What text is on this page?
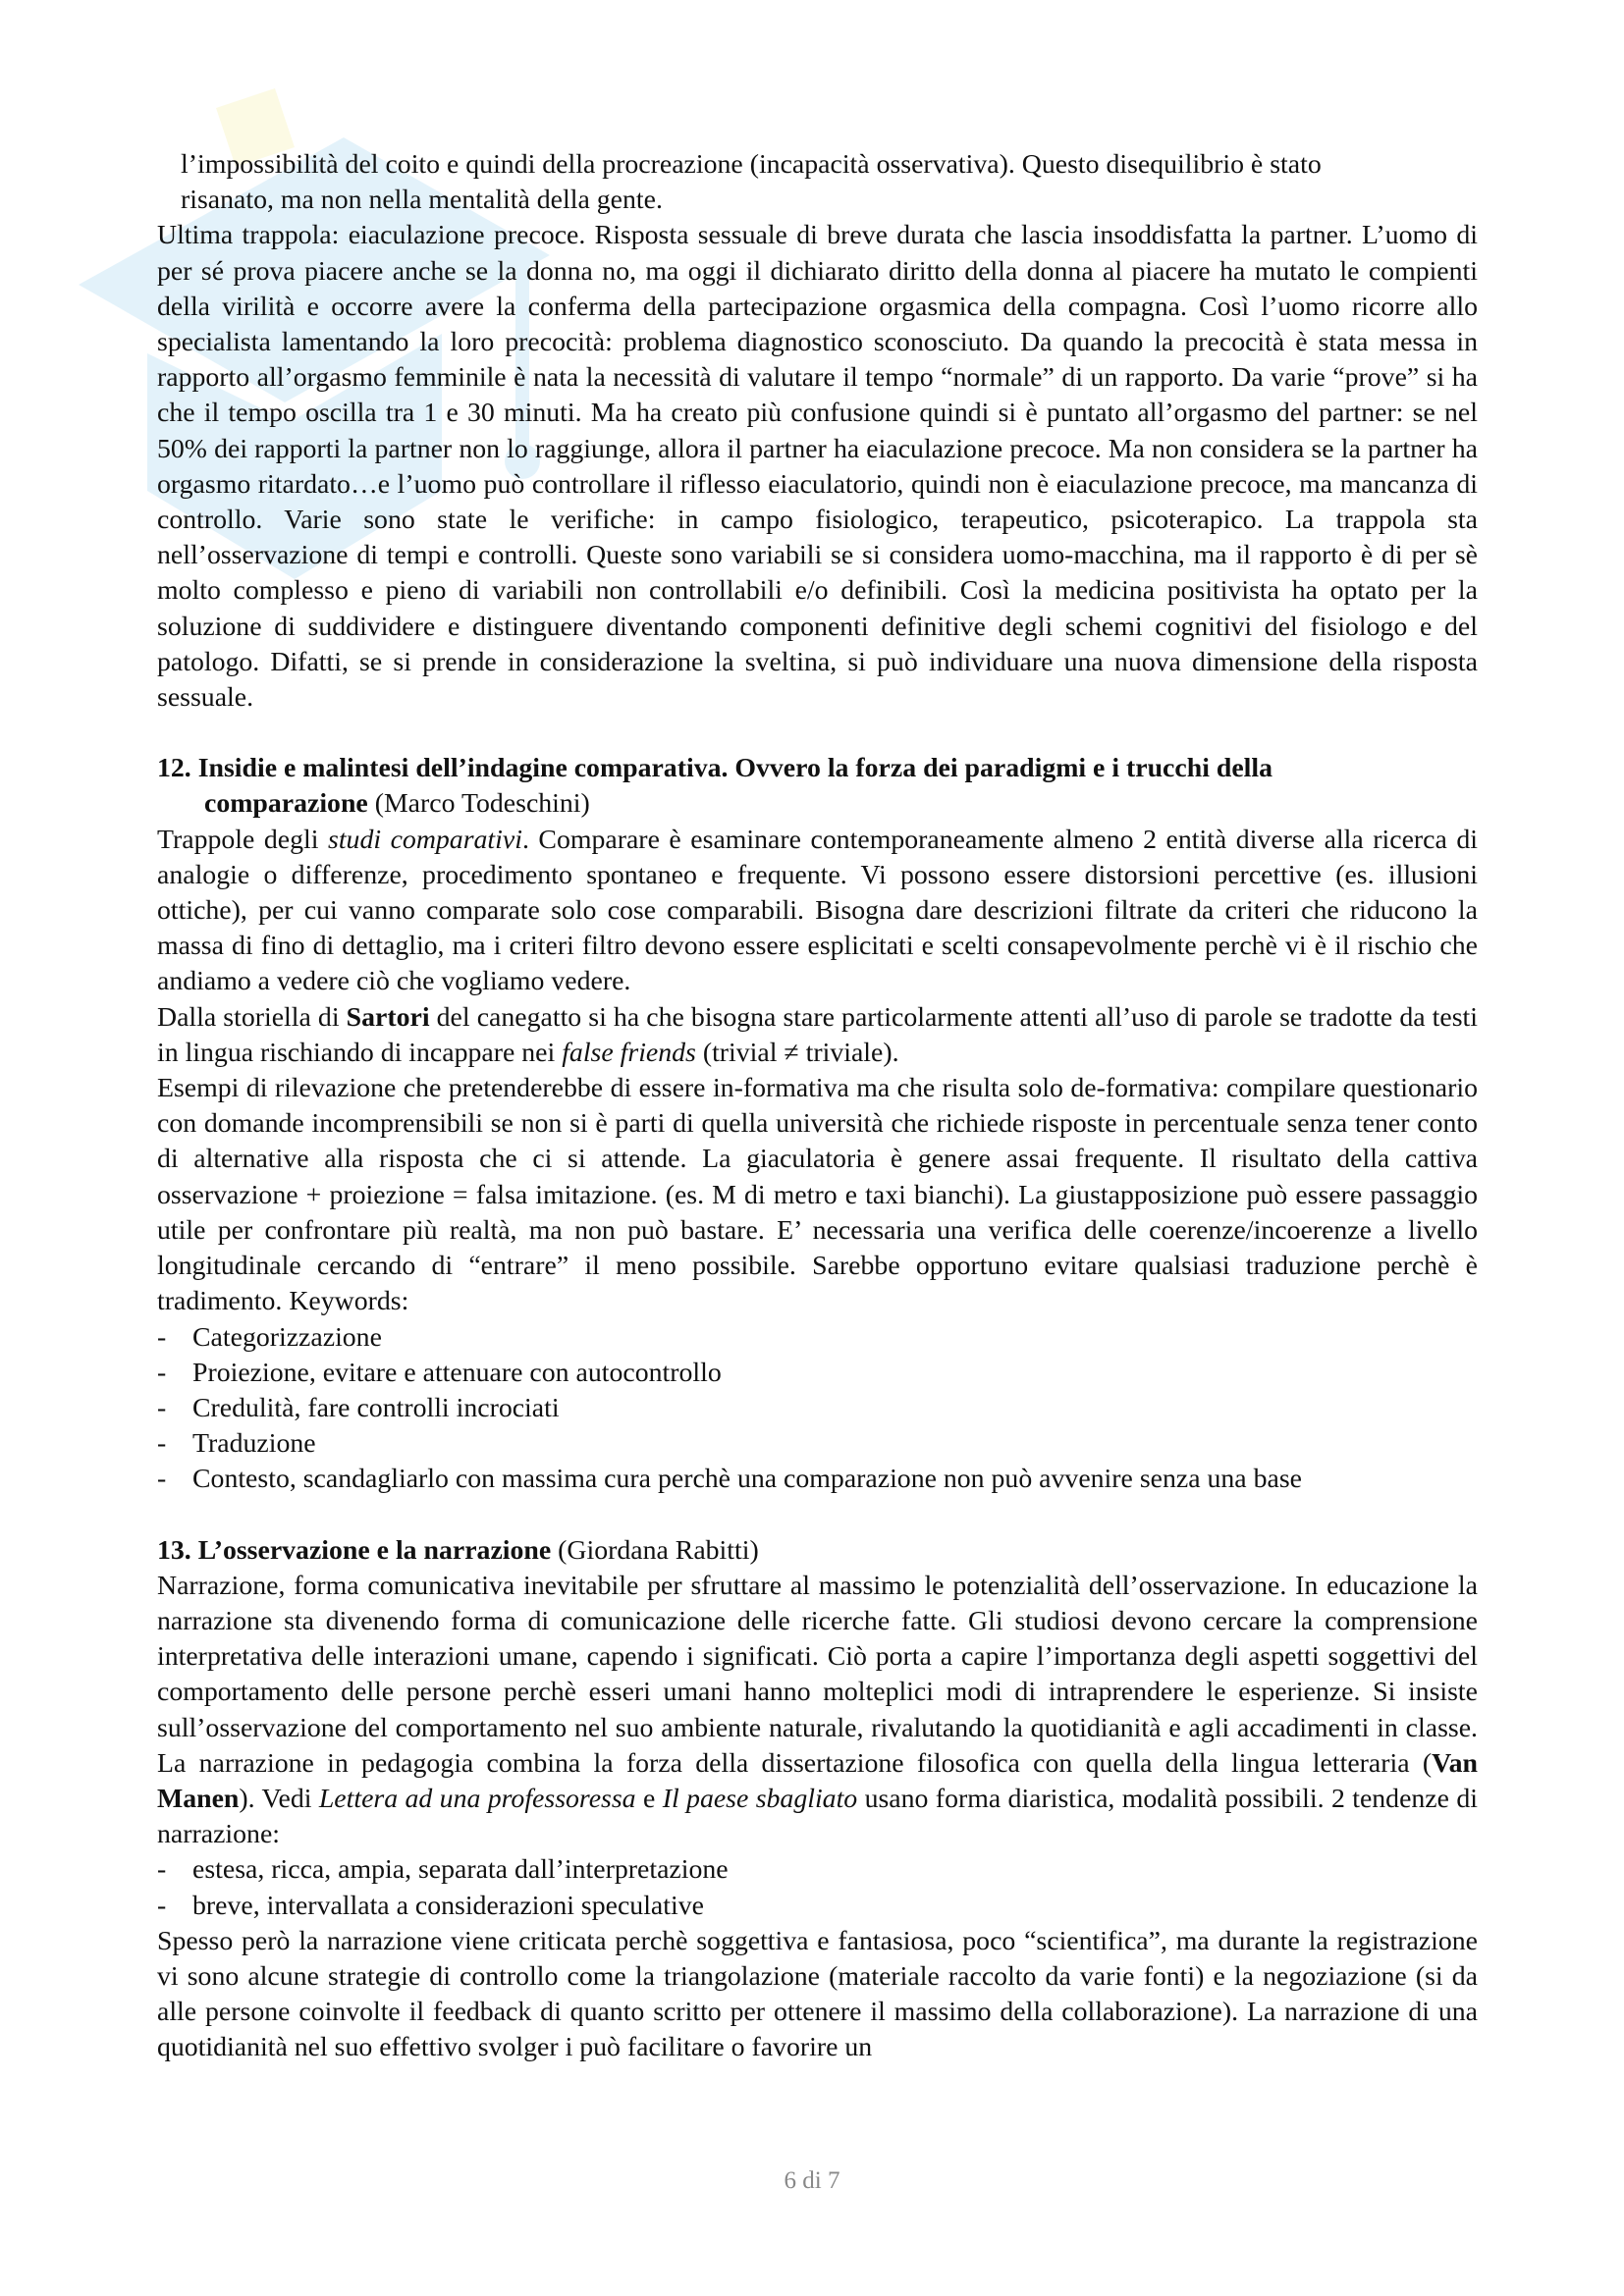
l’impossibilità del coito e quindi della procreazione (incapacità osservativa). Questo disequilibrio è stato

risanato, ma non nella mentalità della gente.

Ultima trappola: eiaculazione precoce. Risposta sessuale di breve durata che lascia insoddisfatta la partner. L’uomo di per sé prova piacere anche se la donna no, ma oggi il dichiarato diritto della donna al piacere ha mutato le compienti della virilità e occorre avere la conferma della partecipazione orgasmica della compagna. Così l’uomo ricorre allo specialista lamentando la loro precocità: problema diagnostico sconosciuto. Da quando la precocità è stata messa in rapporto all’orgasmo femminile è nata la necessità di valutare il tempo “normale” di un rapporto. Da varie “prove” si ha che il tempo oscilla tra 1 e 30 minuti. Ma ha creato più confusione quindi si è puntato all’orgasmo del partner: se nel 50% dei rapporti la partner non lo raggiunge, allora il partner ha eiaculazione precoce. Ma non considera se la partner ha orgasmo ritardato…e l’uomo può controllare il riflesso eiaculatorio, quindi non è eiaculazione precoce, ma mancanza di controllo. Varie sono state le verifiche: in campo fisiologico, terapeutico, psicoterapico. La trappola sta nell’osservazione di tempi e controlli. Queste sono variabili se si considera uomo-macchina, ma il rapporto è di per sè molto complesso e pieno di variabili non controllabili e/o definibili. Così la medicina positivista ha optato per la soluzione di suddividere e distinguere diventando componenti definitive degli schemi cognitivi del fisiologo e del patologo. Difatti, se si prende in considerazione la sveltina, si può individuare una nuova dimensione della risposta sessuale.

12. Insidie e malintesi dell’indagine comparativa. Ovvero la forza dei paradigmi e i trucchi della
comparazione (Marco Todeschini)

Trappole degli studi comparativi. Comparare è esaminare contemporaneamente almeno 2 entità diverse alla ricerca di analogie o differenze, procedimento spontaneo e frequente. Vi possono essere distorsioni percettive (es. illusioni ottiche), per cui vanno comparate solo cose comparabili. Bisogna dare descrizioni filtrate da criteri che riducono la massa di fino di dettaglio, ma i criteri filtro devono essere esplicitati e scelti consapevolmente perchè vi è il rischio che andiamo a vedere ciò che vogliamo vedere.

Dalla storiella di Sartori del canegatto si ha che bisogna stare particolarmente attenti all’uso di parole se tradotte da testi in lingua rischiando di incappare nei false friends (trivial ≠ triviale).

Esempi di rilevazione che pretenderebbe di essere in-formativa ma che risulta solo de-formativa: compilare questionario con domande incomprensibili se non si è parti di quella università che richiede risposte in percentuale senza tener conto di alternative alla risposta che ci si attende. La giaculatoria è genere assai frequente. Il risultato della cattiva osservazione + proiezione = falsa imitazione. (es. M di metro e taxi bianchi). La giustapposizione può essere passaggio utile per confrontare più realtà, ma non può bastare. E’ necessaria una verifica delle coerenze/incoerenze a livello longitudinale cercando di “entrare” il meno possibile. Sarebbe opportuno evitare qualsiasi traduzione perchè è tradimento. Keywords:

- Categorizzazione

- Proiezione, evitare e attenuare con autocontrollo

- Credulità, fare controlli incrociati

- Traduzione

- Contesto, scandagliarlo con massima cura perchè una comparazione non può avvenire senza una base

13. L’osservazione e la narrazione (Giordana Rabitti)

Narrazione, forma comunicativa inevitabile per sfruttare al massimo le potenzialità dell’osservazione. In educazione la narrazione sta divenendo forma di comunicazione delle ricerche fatte. Gli studiosi devono cercare la comprensione interpretativa delle interazioni umane, capendo i significati. Ciò porta a capire l’importanza degli aspetti soggettivi del comportamento delle persone perchè esseri umani hanno molteplici modi di intraprendere le esperienze. Si insiste sull’osservazione del comportamento nel suo ambiente naturale, rivalutando la quotidianità e agli accadimenti in classe. La narrazione in pedagogia combina la forza della dissertazione filosofica con quella della lingua letteraria (Van Manen). Vedi Lettera ad una professoressa e Il paese sbagliato usano forma diaristica, modalità possibili. 2 tendenze di narrazione:

- estesa, ricca, ampia, separata dall’interpretazione

- breve, intervallata a considerazioni speculative

Spesso però la narrazione viene criticata perchè soggettiva e fantasiosa, poco “scientifica”, ma durante la registrazione vi sono alcune strategie di controllo come la triangolazione (materiale raccolto da varie fonti) e la negoziazione (si da alle persone coinvolte il feedback di quanto scritto per ottenere il massimo della collaborazione). La narrazione di una quotidianità nel suo effettivo svolger i può facilitare o favorire un

6 di 7
